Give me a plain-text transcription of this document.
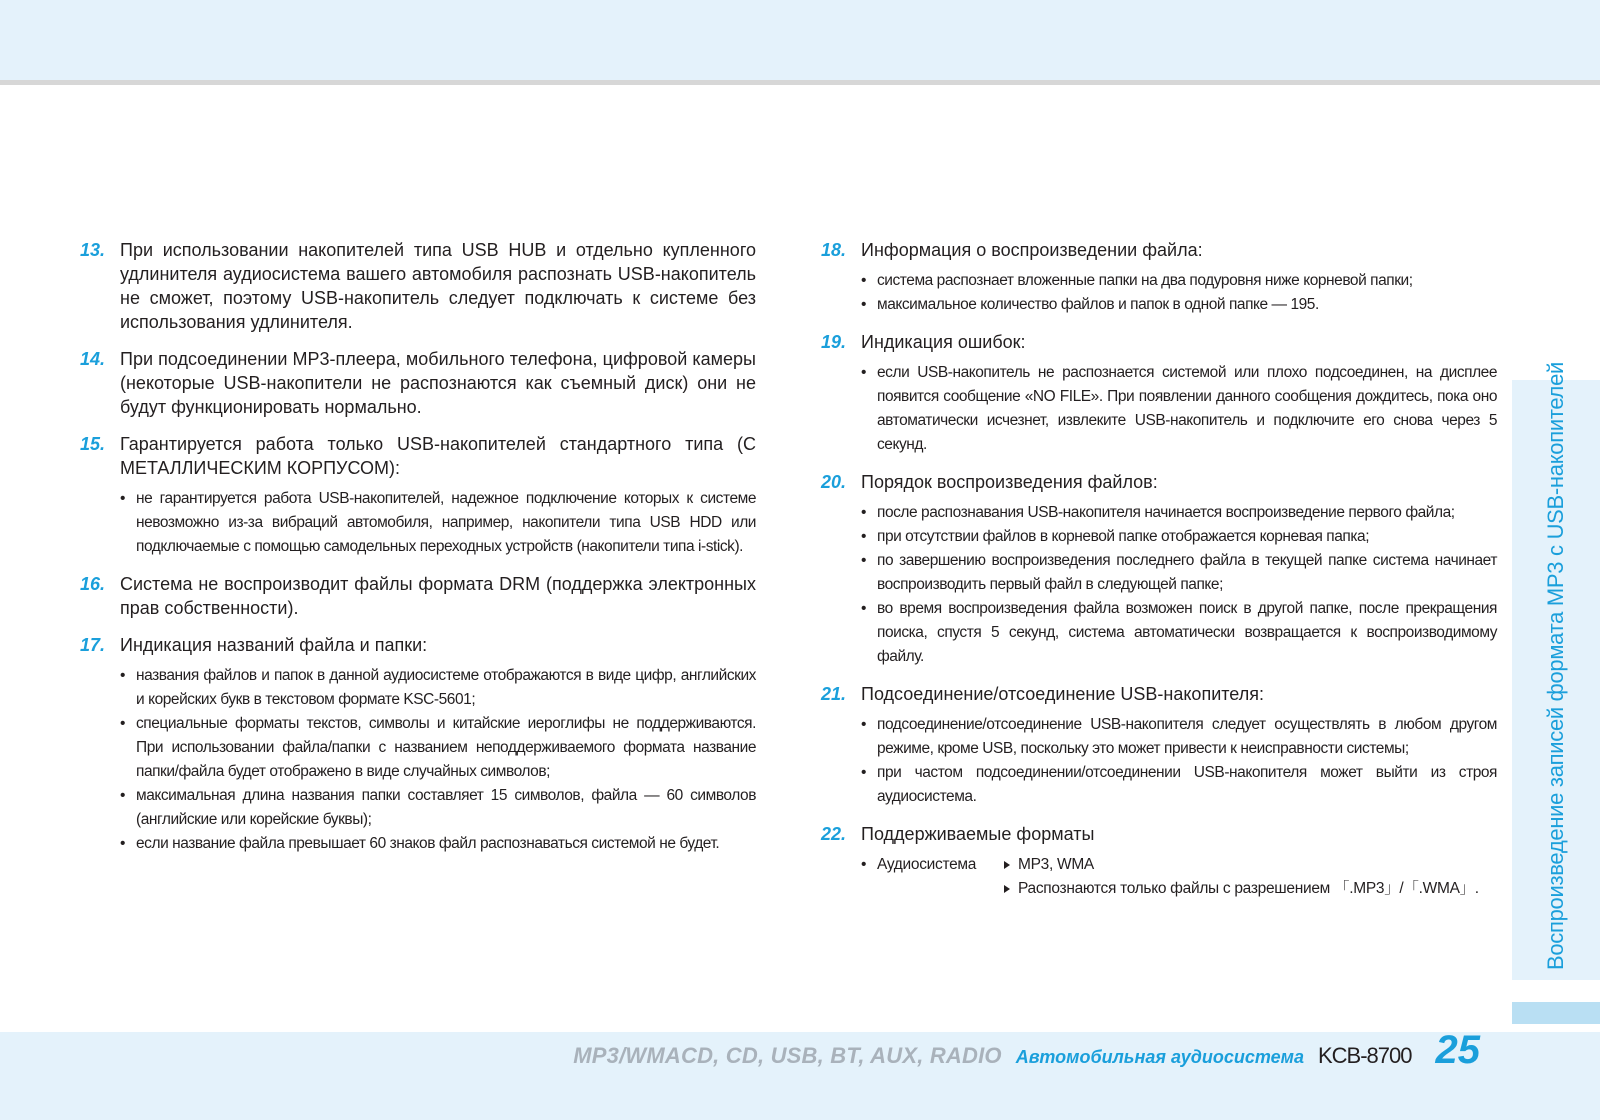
13. При использовании накопителей типа USB HUB и отдельно купленного удлинителя аудиосистема вашего автомобиля распознать USB-накопитель не сможет, поэтому USB-накопитель следует подключать к системе без использования удлинителя.
14. При подсоединении MP3-плеера, мобильного телефона, цифровой камеры (некоторые USB-накопители не распознаются как съемный диск) они не будут функционировать нормально.
15. Гарантируется работа только USB-накопителей стандартного типа (С МЕТАЛЛИЧЕСКИМ КОРПУСОМ):
• не гарантируется работа USB-накопителей, надежное подключение которых к системе невозможно из-за вибраций автомобиля, например, накопители типа USB HDD или подключаемые с помощью самодельных переходных устройств (накопители типа i-stick).
16. Система не воспроизводит файлы формата DRM (поддержка электронных прав собственности).
17. Индикация названий файла и папки:
• названия файлов и папок в данной аудиосистеме отображаются в виде цифр, английских и корейских букв в текстовом формате KSC-5601;
• специальные форматы текстов, символы и китайские иероглифы не поддерживаются. При использовании файла/папки с названием неподдерживаемого формата название папки/файла будет отображено в виде случайных символов;
• максимальная длина названия папки составляет 15 символов, файла — 60 символов (английские или корейские буквы);
• если название файла превышает 60 знаков файл распознаваться системой не будет.
18. Информация о воспроизведении файла:
• система распознает вложенные папки на два подуровня ниже корневой папки;
• максимальное количество файлов и папок в одной папке — 195.
19. Индикация ошибок:
• если USB-накопитель не распознается системой или плохо подсоединен, на дисплее появится сообщение «NO FILE». При появлении данного сообщения дождитесь, пока оно автоматически исчезнет, извлеките USB-накопитель и подключите его снова через 5 секунд.
20. Порядок воспроизведения файлов:
• после распознавания USB-накопителя начинается воспроизведение первого файла;
• при отсутствии файлов в корневой папке отображается корневая папка;
• по завершению воспроизведения последнего файла в текущей папке система начинает воспроизводить первый файл в следующей папке;
• во время воспроизведения файла возможен поиск в другой папке, после прекращения поиска, спустя 5 секунд, система автоматически возвращается к воспроизводимому файлу.
21. Подсоединение/отсоединение USB-накопителя:
• подсоединение/отсоединение USB-накопителя следует осуществлять в любом другом режиме, кроме USB, поскольку это может привести к неисправности системы;
• при частом подсоединении/отсоединении USB-накопителя может выйти из строя аудиосистема.
22. Поддерживаемые форматы
• Аудиосистема	MP3, WMA
Распознаются только файлы с разрешением 「.MP3」/「.WMA」.	Воспроизведение записей формата MP3 с USB-накопителей
MP3/WMACD, CD, USB, BT, AUX, RADIO Автомобильная аудиосистема KCB-8700 25
